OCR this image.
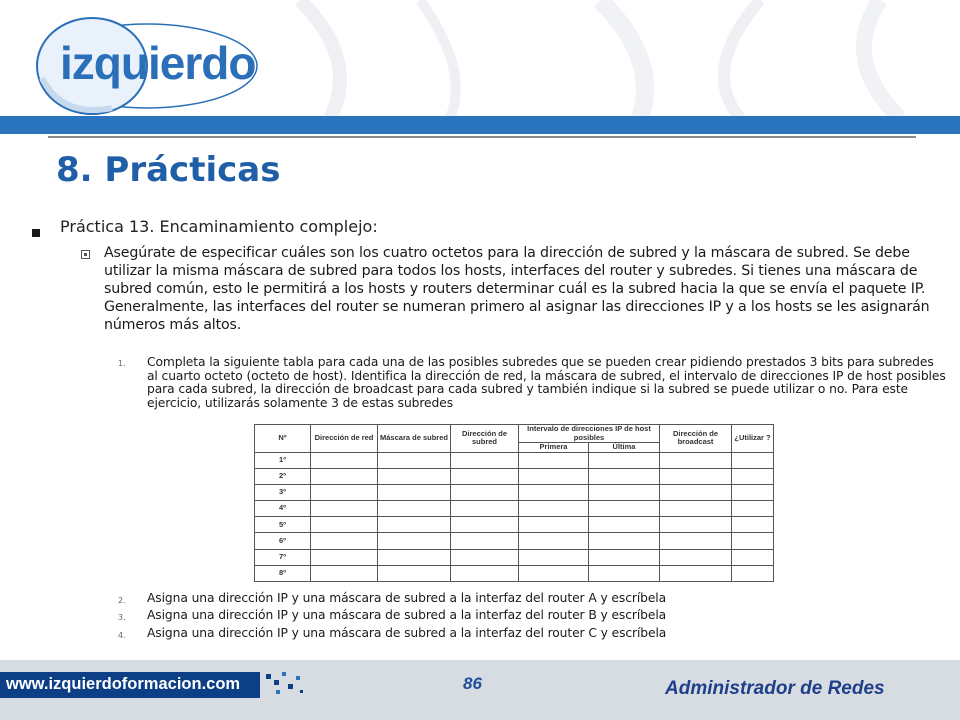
izquierdo
8. Prácticas
Práctica 13. Encaminamiento complejo:
Asegúrate de especificar cuáles son los cuatro octetos para la dirección de subred y la máscara de subred. Se debe utilizar la misma máscara de subred para todos los hosts, interfaces del router y subredes. Si tienes una máscara de subred común, esto le permitirá a los hosts y routers determinar cuál es la subred hacia la que se envía el paquete IP. Generalmente, las interfaces del router se numeran primero al asignar las direcciones IP y a los hosts se les asignarán números más altos.
1. Completa la siguiente tabla para cada una de las posibles subredes que se pueden crear pidiendo prestados 3 bits para subredes al cuarto octeto (octeto de host). Identifica la dirección de red, la máscara de subred, el intervalo de direcciones IP de host posibles para cada subred, la dirección de broadcast para cada subred y también indique si la subred se puede utilizar o no. Para este ejercicio, utilizarás solamente 3 de estas subredes
Nº	Dirección de red	Máscara de subred	Dirección de subred	Intervalo de direcciones IP de host posibles		Dirección de broadcast	¿Utilizar ?
				Primera	Última		
1º							
2º							
3º							
4º							
5º							
6º							
7º							
8º							
2. Asigna una dirección IP y una máscara de subred a la interfaz del router A y escríbela
3. Asigna una dirección IP y una máscara de subred a la interfaz del router B y escríbela
4. Asigna una dirección IP y una máscara de subred a la interfaz del router C y escríbela
www.izquierdoformacion.com	86	Administrador de Redes
